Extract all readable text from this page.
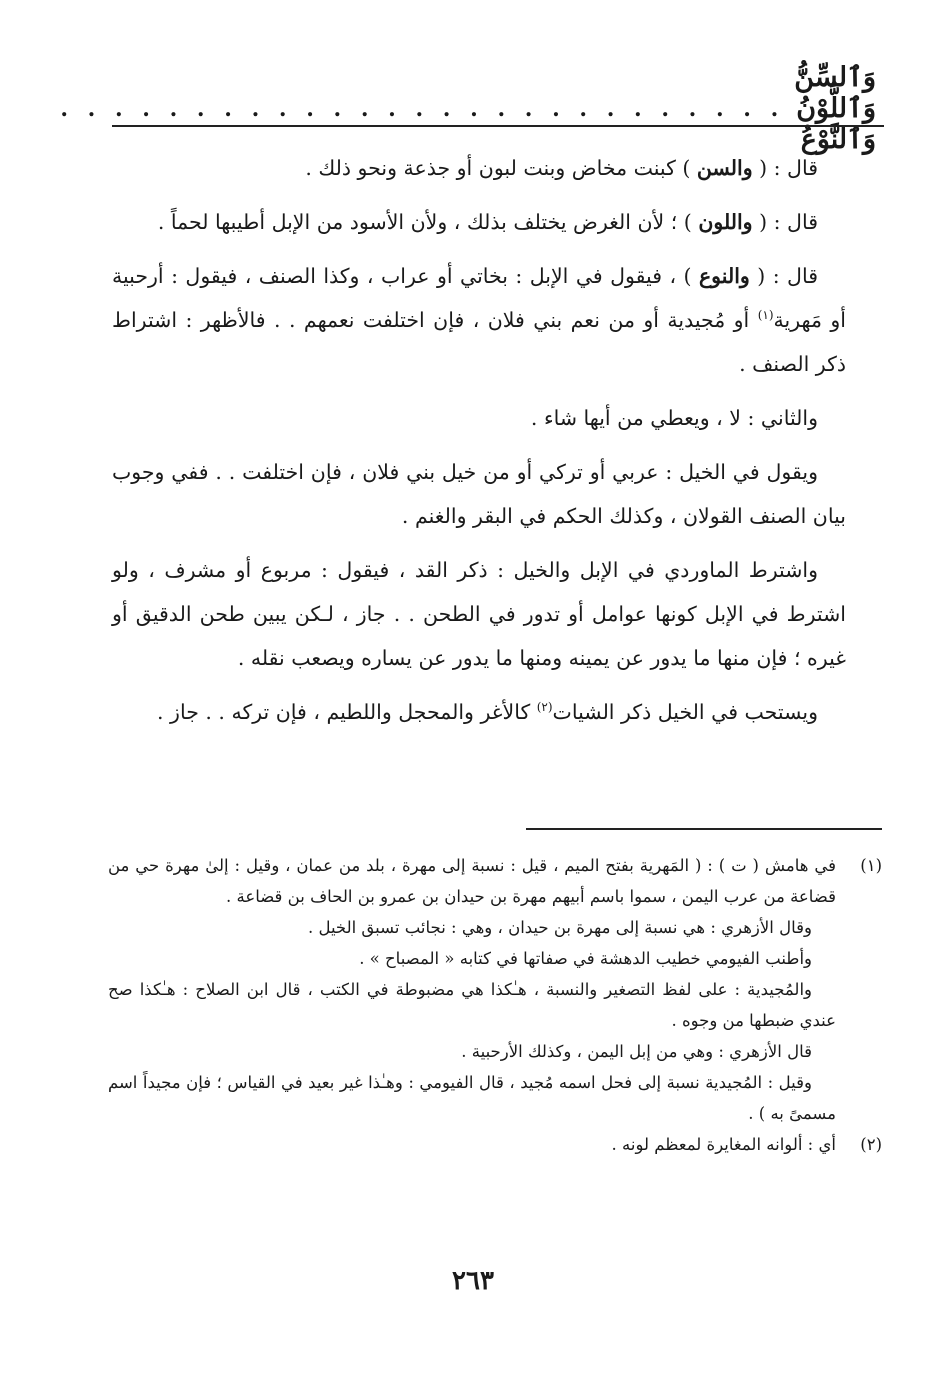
وَٱلسِّنُّ وَٱللَّوْنُ وَٱلنَّوْعُ
. . . . . . . . . . . . . . . . . . . . . . . . . . .

قال : ( والسن ) كبنت مخاض وبنت لبون أو جذعة ونحو ذلك .

قال : ( واللون ) ؛ لأن الغرض يختلف بذلك ، ولأن الأسود من الإبل أطيبها لحماً .

قال : ( والنوع ) ، فيقول في الإبل : بخاتي أو عراب ، وكذا الصنف ، فيقول : أرحبية أو مَهرية$^{(١)}$ أو مُجيدية أو من نعم بني فلان ، فإن اختلفت نعمهم . . فالأظهر : اشتراط ذكر الصنف .

والثاني : لا ، ويعطي من أيها شاء .

ويقول في الخيل : عربي أو تركي أو من خيل بني فلان ، فإن اختلفت . . ففي وجوب بيان الصنف القولان ، وكذلك الحكم في البقر والغنم .

واشترط الماوردي في الإبل والخيل : ذكر القد ، فيقول : مربوع أو مشرف ، ولو اشترط في الإبل كونها عوامل أو تدور في الطحن . . جاز ، لـكن يبين طحن الدقيق أو غيره ؛ فإن منها ما يدور عن يمينه ومنها ما يدور عن يساره ويصعب نقله .

ويستحب في الخيل ذكر الشيات$^{(٢)}$ كالأغر والمحجل واللطيم ، فإن تركه . . جاز .

(١)

في هامش ( ت ) : ( المَهرية بفتح الميم ، قيل : نسبة إلى مهرة ، بلد من عمان ، وقيل : إلىٰ مهرة حي من قضاعة من عرب اليمن ، سموا باسم أبيهم مهرة بن حيدان بن عمرو بن الحاف بن قضاعة .

وقال الأزهري : هي نسبة إلى مهرة بن حيدان ، وهي : نجائب تسبق الخيل .

وأطنب الفيومي خطيب الدهشة في صفاتها في كتابه « المصباح » .

والمُجيدية : على لفظ التصغير والنسبة ، هـٰكذا هي مضبوطة في الكتب ، قال ابن الصلاح : هـٰكذا صح عندي ضبطها من وجوه .

قال الأزهري : وهي من إبل اليمن ، وكذلك الأرحبية .

وقيل : المُجيدية نسبة إلى فحل اسمه مُجيد ، قال الفيومي : وهـٰذا غير بعيد في القياس ؛ فإن مجيداً اسم مسمىً به ) .

(٢)

أي : ألوانه المغايرة لمعظم لونه .

٢٦٣
